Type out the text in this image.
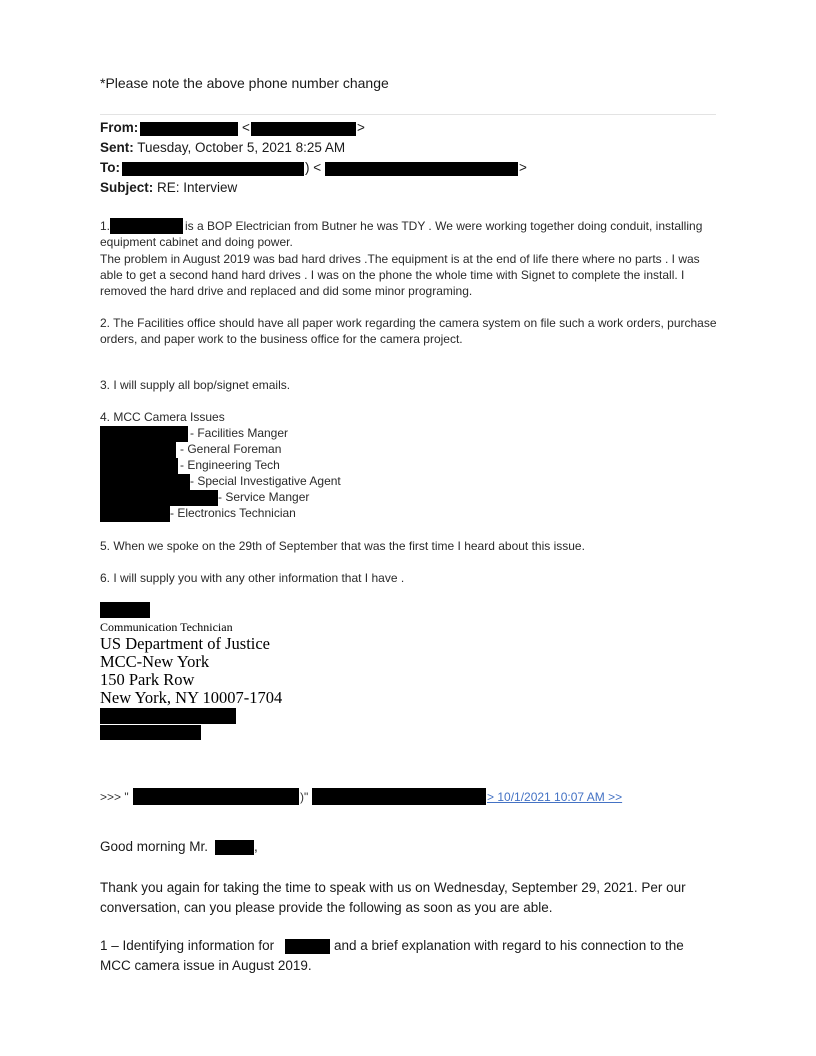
*Please note the above phone number change
From:	<	>
Sent: Tuesday, October 5, 2021 8:25 AM
To:	) <	>
Subject: RE: Interview
1.	is a BOP Electrician from Butner he was TDY . We were working together doing conduit, installing
equipment cabinet and doing power.
The problem in August 2019 was bad hard drives .The equipment is at the end of life there where no parts . I was able to get a second hand hard drives . I was on the phone the whole time with Signet to complete the install. I removed the hard drive and replaced and did some minor programing.
2. The Facilities office should have all paper work regarding the camera system on file such a work orders, purchase orders, and paper work to the business office for the camera project.
3. I will supply all bop/signet emails.
4. MCC Camera Issues
- Facilities Manger
- General Foreman
- Engineering Tech
- Special Investigative Agent
- Service Manger
- Electronics Technician
5. When we spoke on the 29th of September that was the first time I heard about this issue.
6. I will supply you with any other information that I have .
Communication Technician
US Department of Justice
MCC-New York
150 Park Row
New York, NY 10007-1704
>>> "	)"	> 10/1/2021 10:07 AM >>
Good morning Mr.	,
Thank you again for taking the time to speak with us on Wednesday, September 29, 2021. Per our conversation, can you please provide the following as soon as you are able.
1 – Identifying information for	and a brief explanation with regard to his connection to the
MCC camera issue in August 2019.
